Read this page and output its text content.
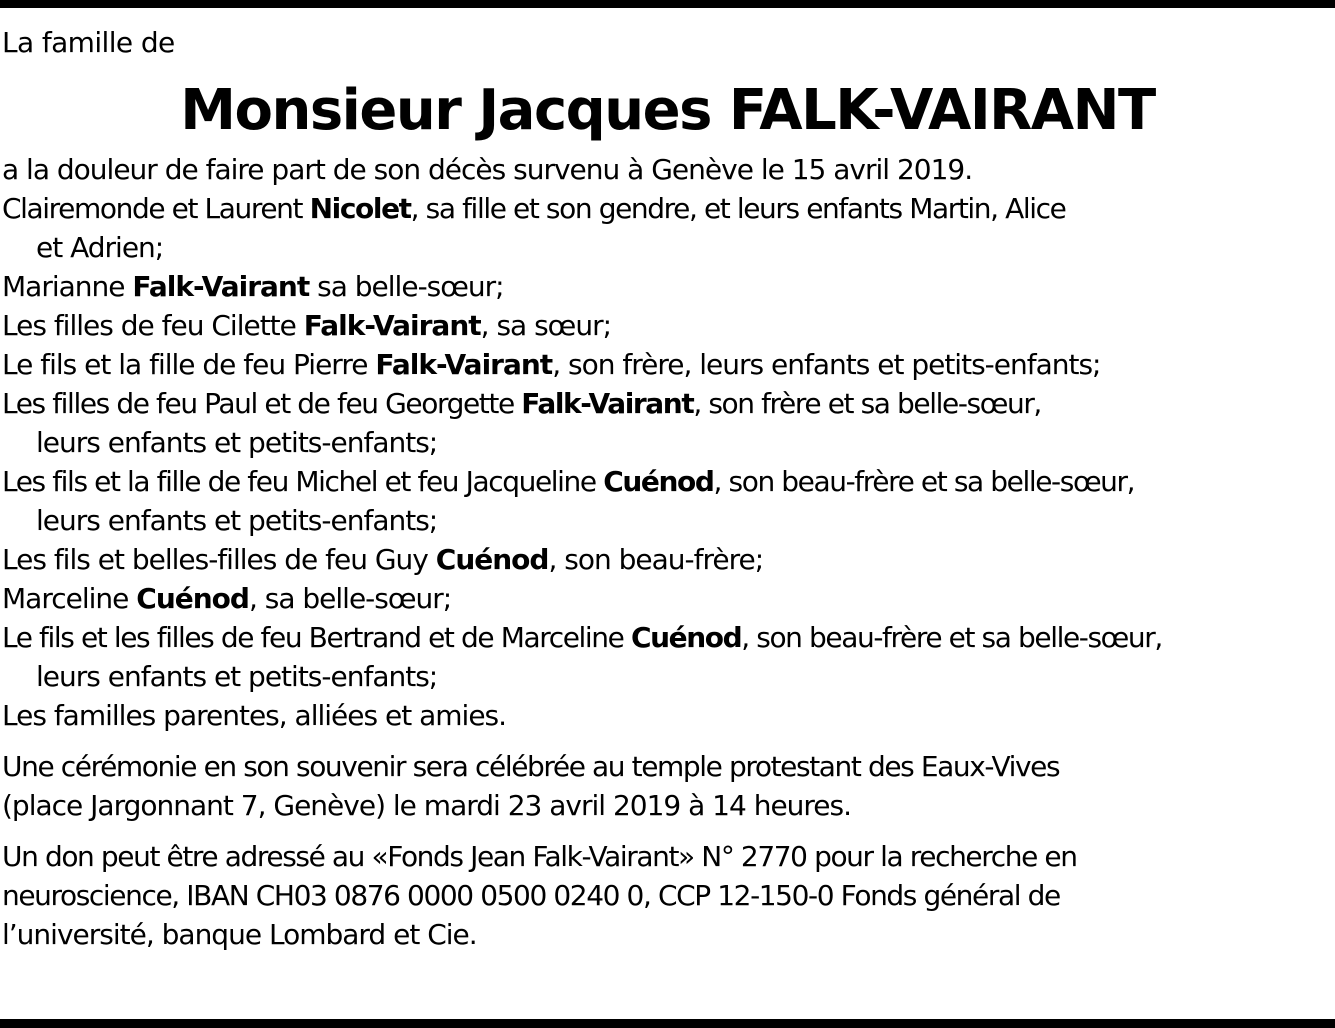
La famille de
Monsieur Jacques FALK-VAIRANT
a la douleur de faire part de son décès survenu à Genève le 15 avril 2019.
Clairemonde et Laurent Nicolet, sa fille et son gendre, et leurs enfants Martin, Alice
et Adrien;
Marianne Falk-Vairant sa belle-sœur;
Les filles de feu Cilette Falk-Vairant, sa sœur;
Le fils et la fille de feu Pierre Falk-Vairant, son frère, leurs enfants et petits-enfants;
Les filles de feu Paul et de feu Georgette Falk-Vairant, son frère et sa belle-sœur,
leurs enfants et petits-enfants;
Les fils et la fille de feu Michel et feu Jacqueline Cuénod, son beau-frère et sa belle-sœur,
leurs enfants et petits-enfants;
Les fils et belles-filles de feu Guy Cuénod, son beau-frère;
Marceline Cuénod, sa belle-sœur;
Le fils et les filles de feu Bertrand et de Marceline Cuénod, son beau-frère et sa belle-sœur,
leurs enfants et petits-enfants;
Les familles parentes, alliées et amies.
Une cérémonie en son souvenir sera célébrée au temple protestant des Eaux-Vives
(place Jargonnant 7, Genève) le mardi 23 avril 2019 à 14 heures.
Un don peut être adressé au «Fonds Jean Falk-Vairant» N° 2770 pour la recherche en
neuroscience, IBAN CH03 0876 0000 0500 0240 0, CCP 12-150-0 Fonds général de
l’université, banque Lombard et Cie.
